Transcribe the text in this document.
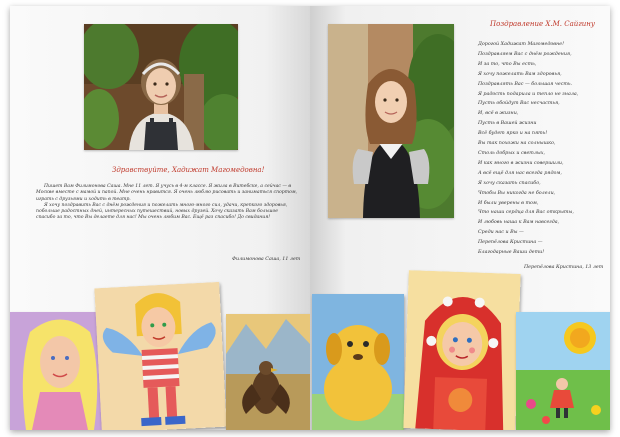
Здравствуйте, Хадижат Магомедовна!

Пишет Вам Филимонова Саша. Мне 11 лет. Я учусь в 4-м классе. Я жила в Витебске, а сейчас — в Москве вместе с мамой и папой. Мне очень нравится. Я очень люблю рисовать и заниматься спортом, играть с друзьями и ходить в театр.

Я хочу поздравить Вас с днём рождения и пожелать много-много сил, удачи, крепкого здоровья, побольше радостных дней, интересных путешествий, новых друзей. Хочу сказать Вам большое спасибо за то, что Вы делаете для нас! Мы очень любим Вас. Ещё раз спасибо! До свидания!

Филимонова Саша, 11 лет
Поздравление Х.М. Сайгину
Дорогой Хадижат Магомедовне!
Поздравляем Вас с днём рождения,
И за то, что Вы есть,
Я хочу пожелать Вам здоровья,
Поздравлять Вас — большая честь.
Я радость подарила и тепло не знала,
Пусть обойдут Вас несчастья,
И, всё в жизни,
Пусть в Вашей жизни
Всё будет ярко и на пять!
Вы так похожи на солнышко,
Столь добрых и светлых,
И как много в жизни совершили,
А всё ещё для нас всегда рядом,
Я хочу сказать спасибо,
Чтобы Вы никогда не болели,
И были уверены в том,
Что наши сердца для Вас открыты,
И любовь наша к Вам навсегда,
Среди нас и Вы —
Перепёлова Кристина —
Благодарные Ваши дети!
Перепёлова Кристина, 13 лет
